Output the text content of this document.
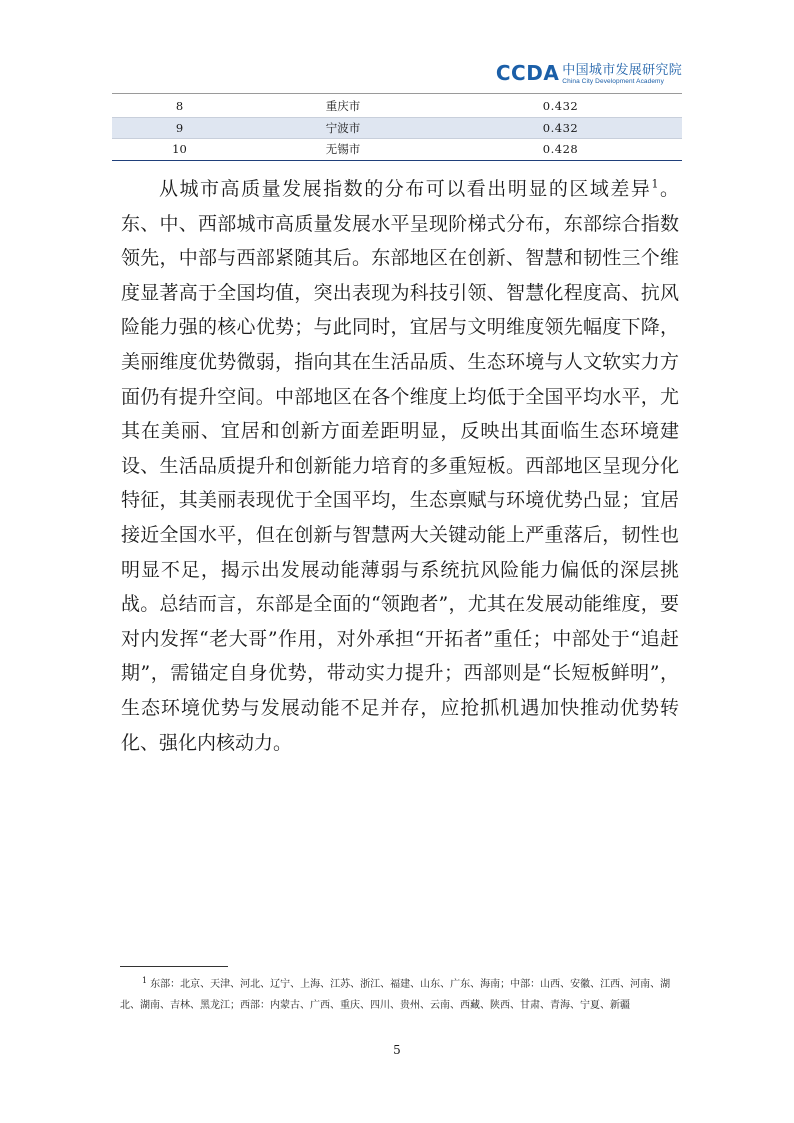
CCDA 中国城市发展研究院
China City Development Academy
8	重庆市	0.432
9	宁波市	0.432
10	无锡市	0.428

从城市高质量发展指数的分布可以看出明显的区域差异$^1$。东、中、西部城市高质量发展水平呈现阶梯式分布，东部综合指数领先，中部与西部紧随其后。东部地区在创新、智慧和韧性三个维度显著高于全国均值，突出表现为科技引领、智慧化程度高、抗风险能力强的核心优势；与此同时，宜居与文明维度领先幅度下降，美丽维度优势微弱，指向其在生活品质、生态环境与人文软实力方面仍有提升空间。中部地区在各个维度上均低于全国平均水平，尤其在美丽、宜居和创新方面差距明显，反映出其面临生态环境建设、生活品质提升和创新能力培育的多重短板。西部地区呈现分化特征，其美丽表现优于全国平均，生态禀赋与环境优势凸显；宜居接近全国水平，但在创新与智慧两大关键动能上严重落后，韧性也明显不足，揭示出发展动能薄弱与系统抗风险能力偏低的深层挑战。总结而言，东部是全面的“领跑者”，尤其在发展动能维度，要对内发挥“老大哥”作用，对外承担“开拓者”重任；中部处于“追赶期”，需锚定自身优势，带动实力提升；西部则是“长短板鲜明”，生态环境优势与发展动能不足并存，应抢抓机遇加快推动优势转化、强化内核动力。

$^1$ 东部：北京、天津、河北、辽宁、上海、江苏、浙江、福建、山东、广东、海南；中部：山西、安徽、江西、河南、湖北、湖南、吉林、黑龙江；西部：内蒙古、广西、重庆、四川、贵州、云南、西藏、陕西、甘肃、青海、宁夏、新疆

5
